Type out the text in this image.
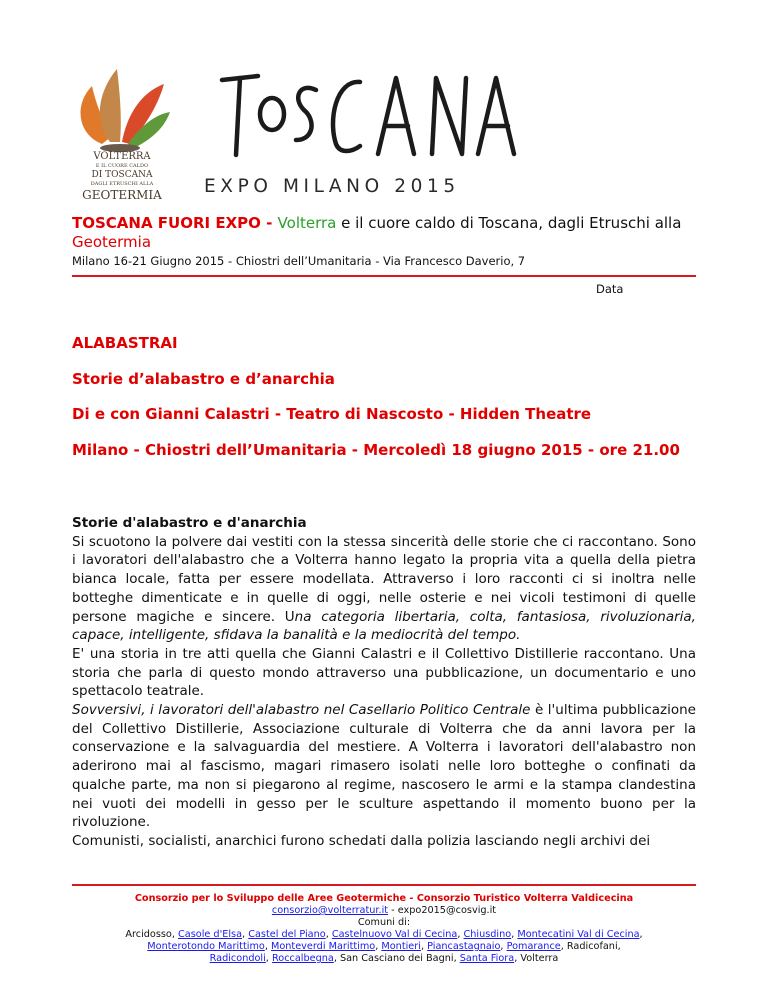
VOLTERRA
E IL CUORE CALDO
DI TOSCANA
DAGLI ETRUSCHI ALLA
GEOTERMIA	EXPO MILANO 2015
TOSCANA FUORI EXPO - Volterra e il cuore caldo di Toscana, dagli Etruschi alla Geotermia
Milano 16-21 Giugno 2015 - Chiostri dell’Umanitaria - Via Francesco Daverio, 7
Data
ALABASTRAI
Storie d’alabastro e d’anarchia
Di e con Gianni Calastri - Teatro di Nascosto - Hidden Theatre
Milano - Chiostri dell’Umanitaria - Mercoledì 18 giugno 2015 - ore 21.00

Storie d'alabastro e d'anarchia

Si scuotono la polvere dai vestiti con la stessa sincerità delle storie che ci raccontano. Sono i lavoratori dell'alabastro che a Volterra hanno legato la propria vita a quella della pietra bianca locale, fatta per essere modellata. Attraverso i loro racconti ci si inoltra nelle botteghe dimenticate e in quelle di oggi, nelle osterie e nei vicoli testimoni di quelle persone magiche e sincere. Una categoria libertaria, colta, fantasiosa, rivoluzionaria, capace, intelligente, sfidava la banalità e la mediocrità del tempo.

E' una storia in tre atti quella che Gianni Calastri e il Collettivo Distillerie raccontano. Una storia che parla di questo mondo attraverso una pubblicazione, un documentario e uno spettacolo teatrale.

Sovversivi, i lavoratori dell'alabastro nel Casellario Politico Centrale è l'ultima pubblicazione del Collettivo Distillerie, Associazione culturale di Volterra che da anni lavora per la conservazione e la salvaguardia del mestiere. A Volterra i lavoratori dell'alabastro non aderirono mai al fascismo, magari rimasero isolati nelle loro botteghe o confinati da qualche parte, ma non si piegarono al regime, nascosero le armi e la stampa clandestina nei vuoti dei modelli in gesso per le sculture aspettando il momento buono per la rivoluzione.

Comunisti, socialisti, anarchici furono schedati dalla polizia lasciando negli archivi dei

Consorzio per lo Sviluppo delle Aree Geotermiche - Consorzio Turistico Volterra Valdicecina
consorzio@volterratur.it - expo2015@cosvig.it
Comuni di:
Arcidosso, Casole d'Elsa, Castel del Piano, Castelnuovo Val di Cecina, Chiusdino, Montecatini Val di Cecina,
Monterotondo Marittimo, Monteverdi Marittimo, Montieri, Piancastagnaio, Pomarance, Radicofani,
Radicondoli, Roccalbegna, San Casciano dei Bagni, Santa Fiora, Volterra
